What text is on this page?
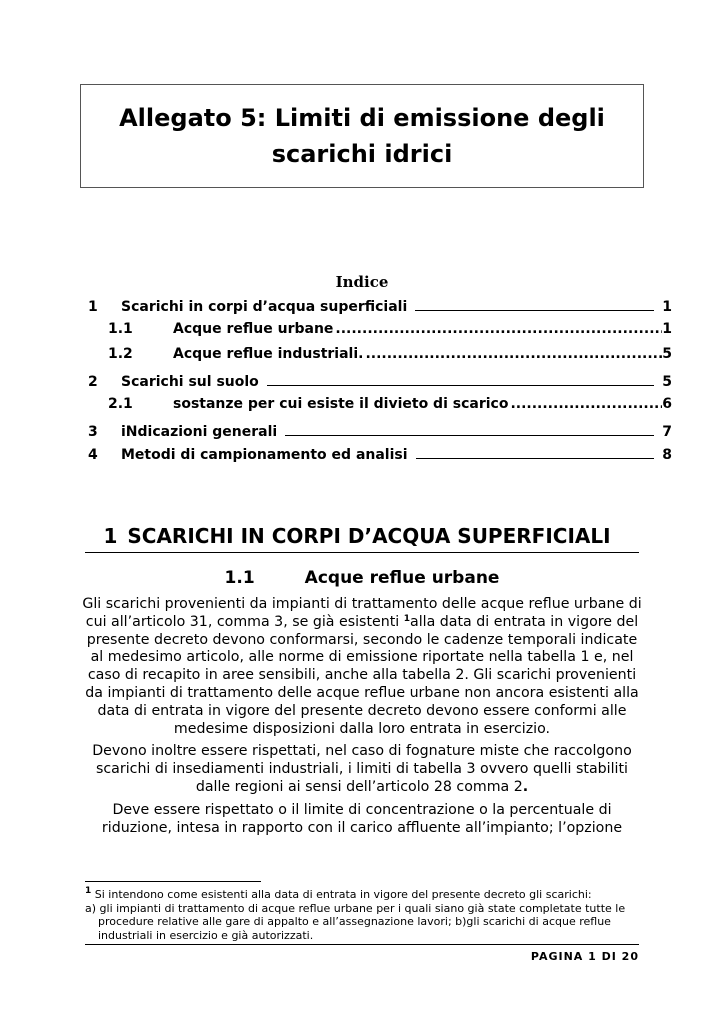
Allegato 5: Limiti di emissione degli scarichi idrici
Indice
1	Scarichi in corpi d’acqua superficiali	1
1.1	Acque reflue urbane .....	1
1.2	Acque reflue industriali. .....	5
2	Scarichi sul suolo	5
2.1	sostanze per cui esiste il divieto di scarico .....	6
3	iNdicazioni generali	7
4	Metodi di campionamento ed analisi	8
1 SCARICHI IN CORPI D’ACQUA SUPERFICIALI
1.1	Acque reflue urbane

Gli scarichi provenienti da impianti di trattamento delle acque reflue urbane di cui all’articolo 31, comma 3, se già esistenti $^1$alla data di entrata in vigore del presente decreto devono conformarsi, secondo le cadenze temporali indicate al medesimo articolo, alle norme di emissione riportate nella tabella 1 e, nel caso di recapito in aree sensibili, anche alla tabella 2. Gli scarichi provenienti da impianti di trattamento delle acque reflue urbane non ancora esistenti alla data di entrata in vigore del presente decreto devono essere conformi alle medesime disposizioni dalla loro entrata in esercizio.

Devono inoltre essere rispettati, nel caso di fognature miste che raccolgono scarichi di insediamenti industriali, i limiti di tabella 3 ovvero quelli stabiliti dalle regioni ai sensi dell’articolo 28 comma 2.

Deve essere rispettato o il limite di concentrazione o la percentuale di riduzione, intesa in rapporto con il carico affluente all’impianto; l’opzione

$^1$ Si intendono come esistenti alla data di entrata in vigore del presente decreto gli scarichi:
a) gli impianti di trattamento di acque reflue urbane per i quali siano già state completate tutte le
procedure relative alle gare di appalto e all’assegnazione lavori; b)gli scarichi di acque reflue
industriali in esercizio e già autorizzati.
PAGINA 1 DI 20
